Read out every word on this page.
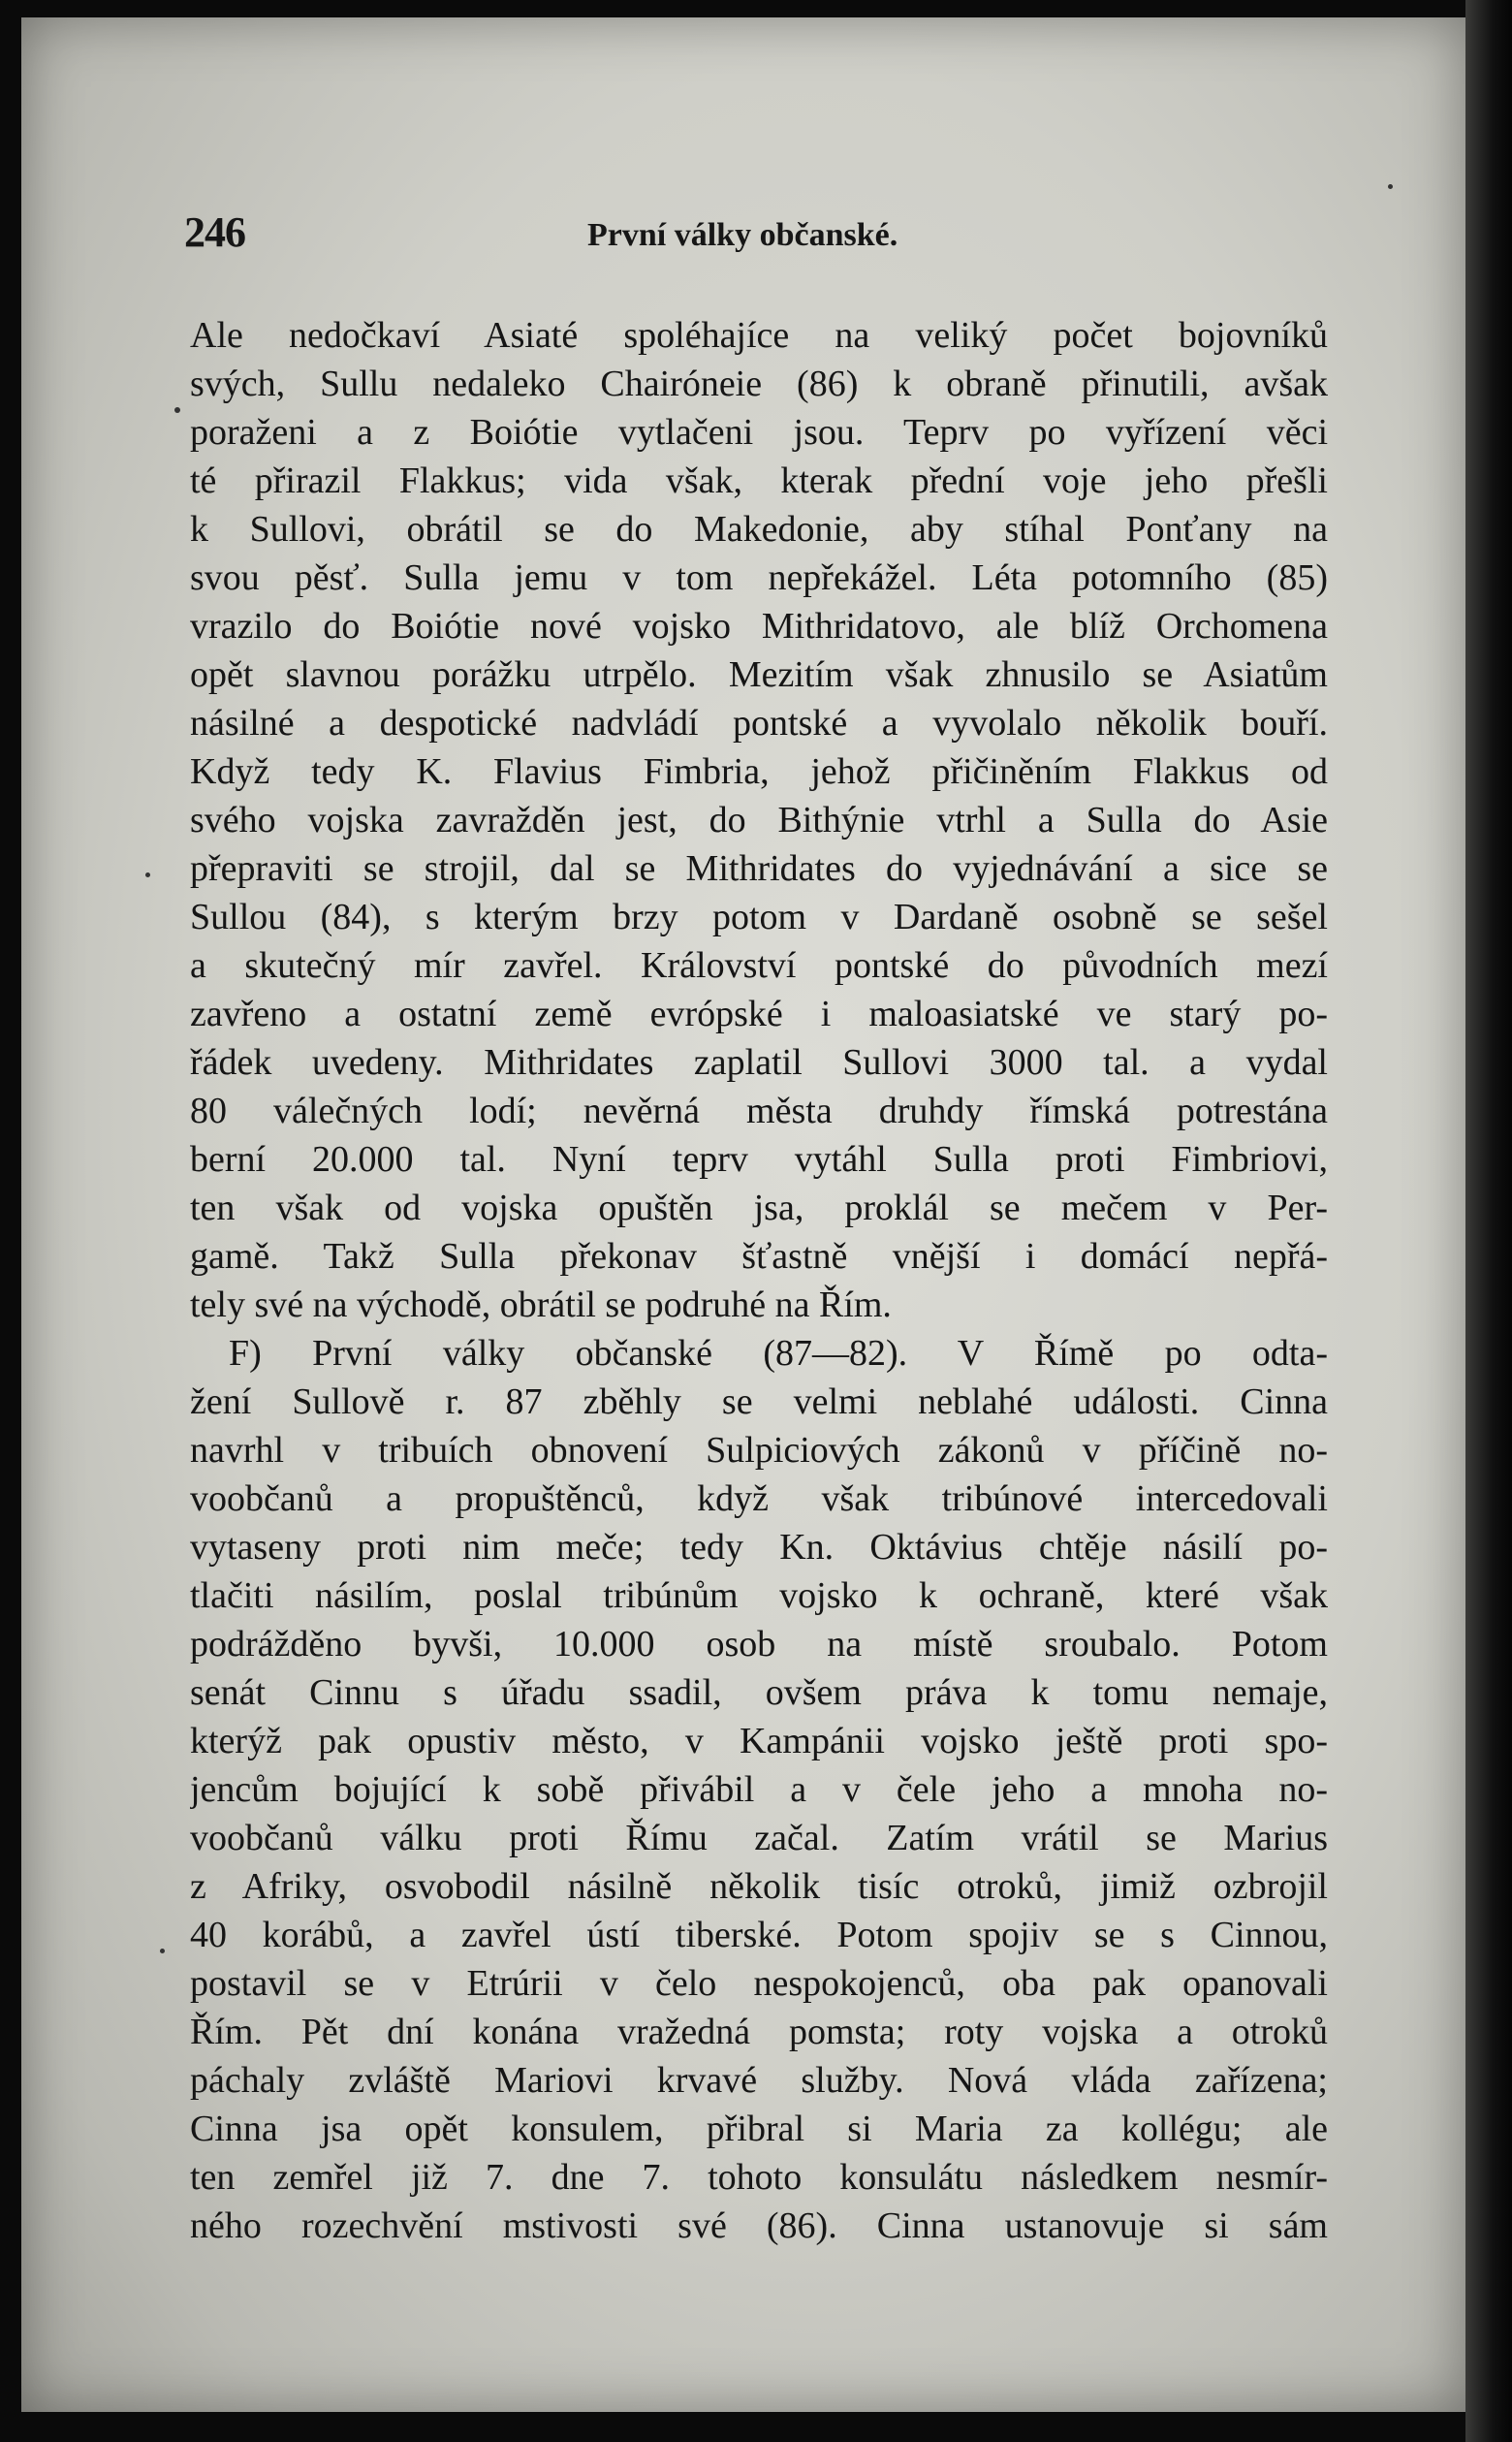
246	První války občanské.
Ale nedočkaví Asiaté spoléhajíce na veliký počet bojovníků
svých, Sullu nedaleko Chairóneie (86) k obraně přinutili, avšak
poraženi a z Boiótie vytlačeni jsou. Teprv po vyřízení věci
té přirazil Flakkus; vida však, kterak přední voje jeho přešli
k Sullovi, obrátil se do Makedonie, aby stíhal Ponťany na
svou pěsť. Sulla jemu v tom nepřekážel. Léta potomního (85)
vrazilo do Boiótie nové vojsko Mithridatovo, ale blíž Orchomena
opět slavnou porážku utrpělo. Mezitím však zhnusilo se Asiatům
násilné a despotické nadvládí pontské a vyvolalo několik bouří.
Když tedy K. Flavius Fimbria, jehož přičiněním Flakkus od
svého vojska zavražděn jest, do Bithýnie vtrhl a Sulla do Asie
přepraviti se strojil, dal se Mithridates do vyjednávání a sice se
Sullou (84), s kterým brzy potom v Dardaně osobně se sešel
a skutečný mír zavřel. Království pontské do původních mezí
zavřeno a ostatní země evrópské i maloasiatské ve starý po-
řádek uvedeny. Mithridates zaplatil Sullovi 3000 tal. a vydal
80 válečných lodí; nevěrná města druhdy římská potrestána
berní 20.000 tal. Nyní teprv vytáhl Sulla proti Fimbriovi,
ten však od vojska opuštěn jsa, proklál se mečem v Per-
gamě. Takž Sulla překonav šťastně vnější i domácí nepřá-
tely své na východě, obrátil se podruhé na Řím.
F) První války občanské (87—82). V Římě po odta-
žení Sullově r. 87 zběhly se velmi neblahé události. Cinna
navrhl v tribuích obnovení Sulpiciových zákonů v příčině no-
voobčanů a propuštěnců, když však tribúnové intercedovali
vytaseny proti nim meče; tedy Kn. Oktávius chtěje násilí po-
tlačiti násilím, poslal tribúnům vojsko k ochraně, které však
podrážděno byvši, 10.000 osob na místě sroubalo. Potom
senát Cinnu s úřadu ssadil, ovšem práva k tomu nemaje,
kterýž pak opustiv město, v Kampánii vojsko ještě proti spo-
jencům bojující k sobě přivábil a v čele jeho a mnoha no-
voobčanů válku proti Římu začal. Zatím vrátil se Marius
z Afriky, osvobodil násilně několik tisíc otroků, jimiž ozbrojil
40 korábů, a zavřel ústí tiberské. Potom spojiv se s Cinnou,
postavil se v Etrúrii v čelo nespokojenců, oba pak opanovali
Řím. Pět dní konána vražedná pomsta; roty vojska a otroků
páchaly zvláště Mariovi krvavé služby. Nová vláda zařízena;
Cinna jsa opět konsulem, přibral si Maria za kollégu; ale
ten zemřel již 7. dne 7. tohoto konsulátu následkem nesmír-
ného rozechvění mstivosti své (86). Cinna ustanovuje si sám
